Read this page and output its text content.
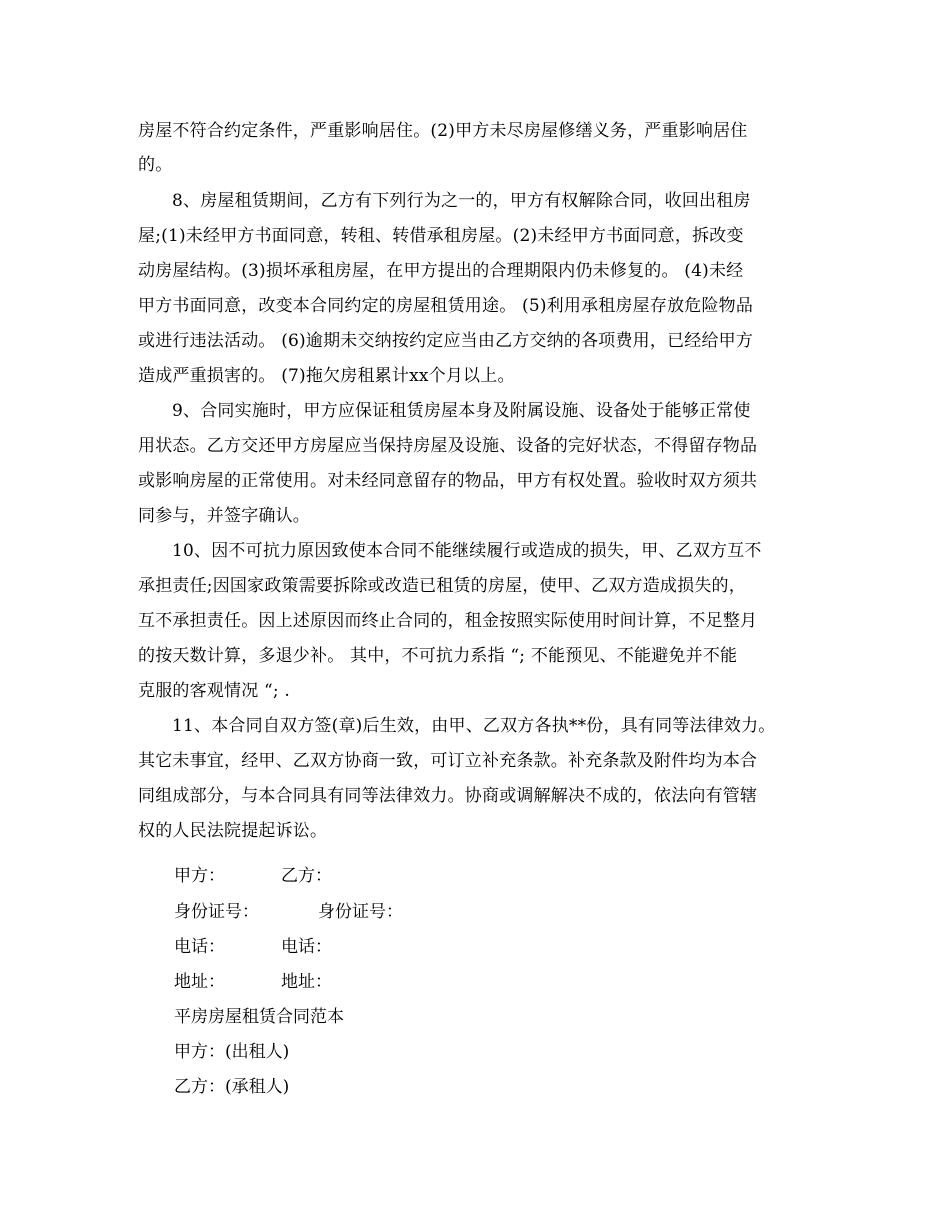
房屋不符合约定条件，严重影响居住。(2)甲方未尽房屋修缮义务，严重影响居住
的。
8、房屋租赁期间，乙方有下列行为之一的，甲方有权解除合同，收回出租房
屋;(1)未经甲方书面同意，转租、转借承租房屋。(2)未经甲方书面同意，拆改变
动房屋结构。(3)损坏承租房屋，在甲方提出的合理期限内仍未修复的。 (4)未经
甲方书面同意，改变本合同约定的房屋租赁用途。 (5)利用承租房屋存放危险物品
或进行违法活动。 (6)逾期未交纳按约定应当由乙方交纳的各项费用，已经给甲方
造成严重损害的。 (7)拖欠房租累计xx个月以上。
9、合同实施时，甲方应保证租赁房屋本身及附属设施、设备处于能够正常使
用状态。乙方交还甲方房屋应当保持房屋及设施、设备的完好状态，不得留存物品
或影响房屋的正常使用。对未经同意留存的物品，甲方有权处置。验收时双方须共
同参与，并签字确认。
10、因不可抗力原因致使本合同不能继续履行或造成的损失，甲、乙双方互不
承担责任;因国家政策需要拆除或改造已租赁的房屋，使甲、乙双方造成损失的，
互不承担责任。因上述原因而终止合同的，租金按照实际使用时间计算，不足整月
的按天数计算，多退少补。 其中，不可抗力系指 “; 不能预见、不能避免并不能
克服的客观情况 “; .
11、本合同自双方签(章)后生效，由甲、乙双方各执**份，具有同等法律效力。
其它未事宜，经甲、乙双方协商一致，可订立补充条款。补充条款及附件均为本合
同组成部分，与本合同具有同等法律效力。协商或调解解决不成的，依法向有管辖
权的人民法院提起诉讼。
甲方：	乙方：
身份证号：	身份证号：
电话：	电话：
地址：	地址：
平房房屋租赁合同范本
甲方：(出租人)
乙方：(承租人)
